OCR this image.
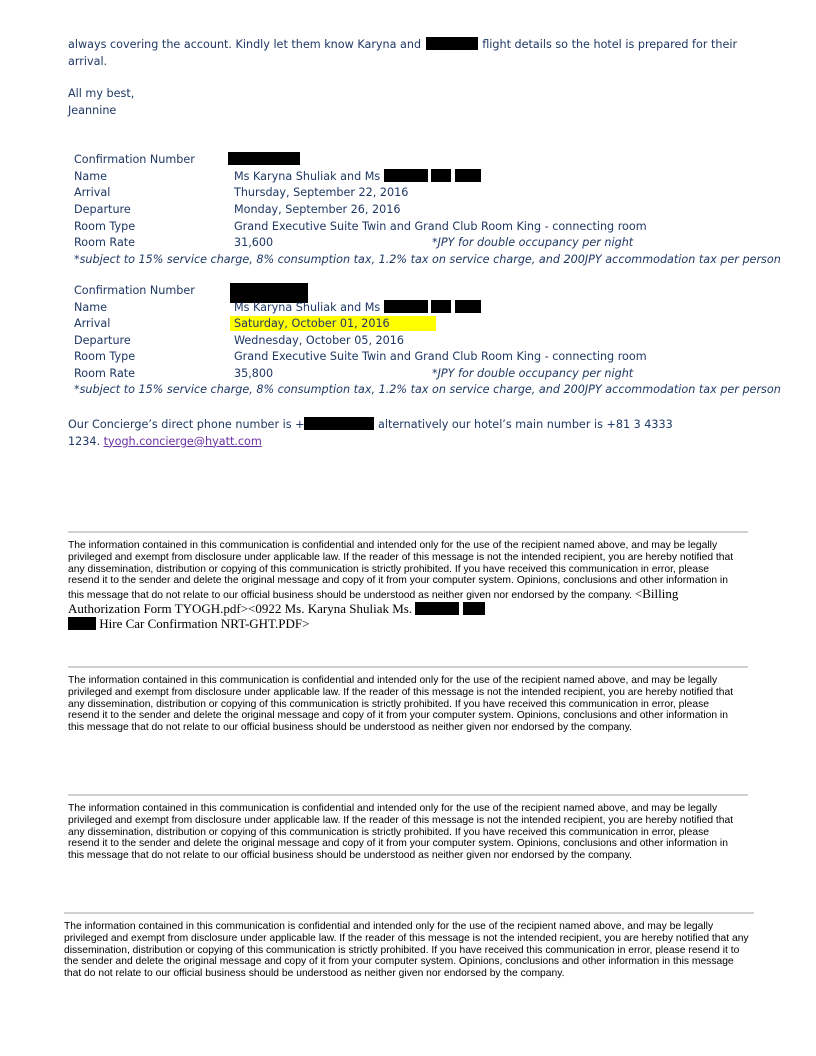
always covering the account. Kindly let them know Karyna and	flight details so the hotel is prepared for their
arrival.
All my best,
Jeannine
Confirmation Number
Name	Ms Karyna Shuliak and Ms
Arrival	Thursday, September 22, 2016
Departure	Monday, September 26, 2016
Room Type	Grand Executive Suite Twin and Grand Club Room King - connecting room
Room Rate	31,600	*JPY for double occupancy per night
*subject to 15% service charge, 8% consumption tax, 1.2% tax on service charge, and 200JPY accommodation tax per person
Confirmation Number
Name	Ms Karyna Shuliak and Ms
Arrival	Saturday, October 01, 2016
Departure	Wednesday, October 05, 2016
Room Type	Grand Executive Suite Twin and Grand Club Room King - connecting room
Room Rate	35,800	*JPY for double occupancy per night
*subject to 15% service charge, 8% consumption tax, 1.2% tax on service charge, and 200JPY accommodation tax per person
Our Concierge’s direct phone number is +	alternatively our hotel’s main number is +81 3 4333
1234. tyogh.concierge@hyatt.com
The information contained in this communication is confidential and intended only for the use of the recipient named above, and may be legally privileged and exempt from disclosure under applicable law. If the reader of this message is not the intended recipient, you are hereby notified that any dissemination, distribution or copying of this communication is strictly prohibited. If you have received this communication in error, please resend it to the sender and delete the original message and copy of it from your computer system. Opinions, conclusions and other information in this message that do not relate to our official business should be understood as neither given nor endorsed by the company. <Billing Authorization Form TYOGH.pdf><0922 Ms. Karyna Shuliak Ms.
Hire Car Confirmation NRT-GHT.PDF>
The information contained in this communication is confidential and intended only for the use of the recipient named above, and may be legally privileged and exempt from disclosure under applicable law. If the reader of this message is not the intended recipient, you are hereby notified that any dissemination, distribution or copying of this communication is strictly prohibited. If you have received this communication in error, please resend it to the sender and delete the original message and copy of it from your computer system. Opinions, conclusions and other information in this message that do not relate to our official business should be understood as neither given nor endorsed by the company.
The information contained in this communication is confidential and intended only for the use of the recipient named above, and may be legally privileged and exempt from disclosure under applicable law. If the reader of this message is not the intended recipient, you are hereby notified that any dissemination, distribution or copying of this communication is strictly prohibited. If you have received this communication in error, please resend it to the sender and delete the original message and copy of it from your computer system. Opinions, conclusions and other information in this message that do not relate to our official business should be understood as neither given nor endorsed by the company.
The information contained in this communication is confidential and intended only for the use of the recipient named above, and may be legally privileged and exempt from disclosure under applicable law. If the reader of this message is not the intended recipient, you are hereby notified that any dissemination, distribution or copying of this communication is strictly prohibited. If you have received this communication in error, please resend it to the sender and delete the original message and copy of it from your computer system. Opinions, conclusions and other information in this message that do not relate to our official business should be understood as neither given nor endorsed by the company.
